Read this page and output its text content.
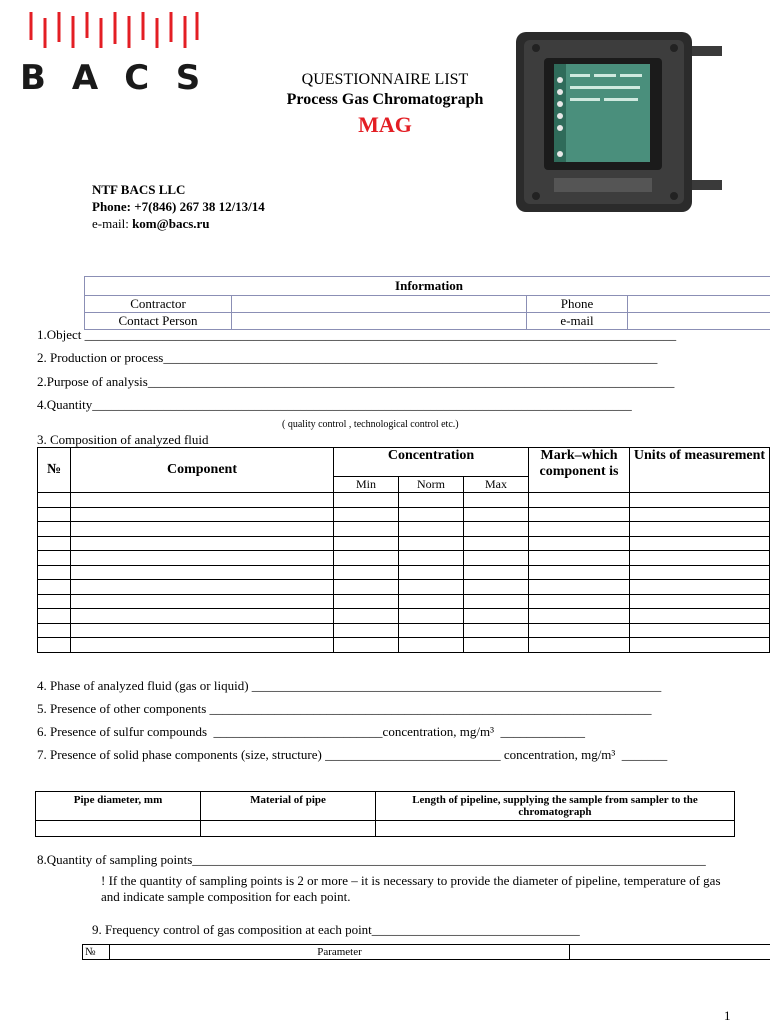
BACS	QUESTIONNAIRE LIST
Process Gas Chromatograph
MAG
NTF BACS LLC
Phone: +7(846) 267 38 12/13/14
e-mail: kom@bacs.ru
Information			
Contractor		Phone	
Contact Person		e-mail	
1.Object ___________________________________________________________________________________________
2. Production or process____________________________________________________________________________
2.Purpose of analysis_________________________________________________________________________________
4.Quantity___________________________________________________________________________________
( quality control , technological control etc.)
3. Composition of analyzed fluid
№	Component	Concentration			Mark–which component is	Units of measurement
		Min	Norm	Max		

4. Phase of analyzed fluid (gas or liquid) _______________________________________________________________
5. Presence of other components ____________________________________________________________________
6. Presence of sulfur compounds  __________________________concentration, mg/m³  _____________
7. Presence of solid phase components (size, structure) ___________________________ concentration, mg/m³  _______
Pipe diameter, mm	Material of pipe	Length of pipeline, supplying the sample from sampler to the chromatograph

8.Quantity of sampling points_______________________________________________________________________________
! If the quantity of sampling points is 2 or more – it is necessary to provide the diameter of pipeline, temperature of gas and indicate sample composition for each point.
9. Frequency control of gas composition at each point________________________________
№	Parameter	
1
